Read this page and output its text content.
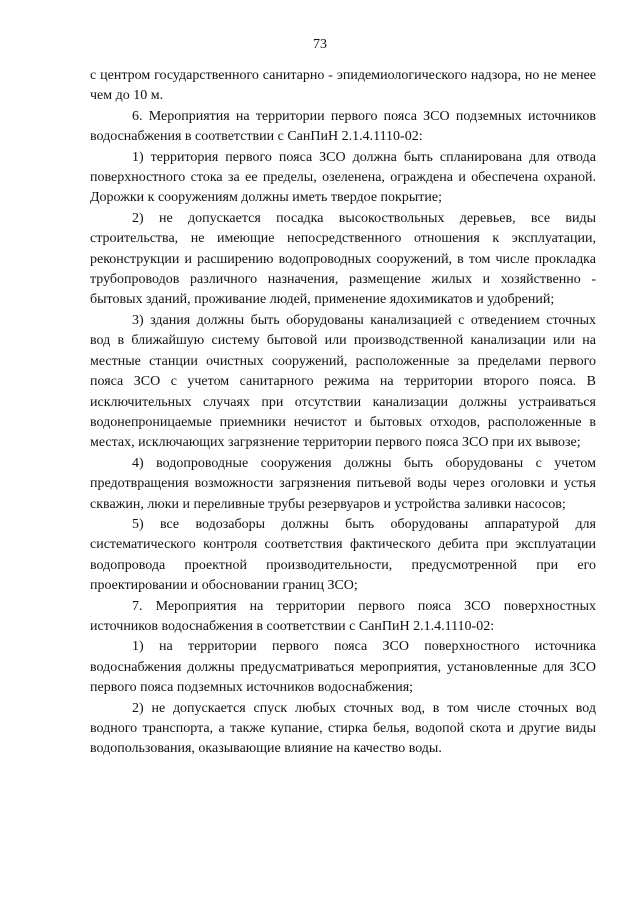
73

с центром государственного санитарно - эпидемиологического надзора, но не менее чем до 10 м.

6. Мероприятия на территории первого пояса ЗСО подземных источников водоснабжения в соответствии с СанПиН 2.1.4.1110-02:

1) территория первого пояса ЗСО должна быть спланирована для отвода поверхностного стока за ее пределы, озеленена, ограждена и обеспечена охраной. Дорожки к сооружениям должны иметь твердое покрытие;

2) не допускается посадка высокоствольных деревьев, все виды строительства, не имеющие непосредственного отношения к эксплуатации, реконструкции и расширению водопроводных сооружений, в том числе прокладка трубопроводов различного назначения, размещение жилых и хозяйственно - бытовых зданий, проживание людей, применение ядохимикатов и удобрений;

3) здания должны быть оборудованы канализацией с отведением сточных вод в ближайшую систему бытовой или производственной канализации или на местные станции очистных сооружений, расположенные за пределами первого пояса ЗСО с учетом санитарного режима на территории второго пояса. В исключительных случаях при отсутствии канализации должны устраиваться водонепроницаемые приемники нечистот и бытовых отходов, расположенные в местах, исключающих загрязнение территории первого пояса ЗСО при их вывозе;

4) водопроводные сооружения должны быть оборудованы с учетом предотвращения возможности загрязнения питьевой воды через оголовки и устья скважин, люки и переливные трубы резервуаров и устройства заливки насосов;

5) все водозаборы должны быть оборудованы аппаратурой для систематического контроля соответствия фактического дебита при эксплуатации водопровода проектной производительности, предусмотренной при его проектировании и обосновании границ ЗСО;

7. Мероприятия на территории первого пояса ЗСО поверхностных источников водоснабжения в соответствии с СанПиН 2.1.4.1110-02:

1) на территории первого пояса ЗСО поверхностного источника водоснабжения должны предусматриваться мероприятия, установленные для ЗСО первого пояса подземных источников водоснабжения;

2) не допускается спуск любых сточных вод, в том числе сточных вод водного транспорта, а также купание, стирка белья, водопой скота и другие виды водопользования, оказывающие влияние на качество воды.
